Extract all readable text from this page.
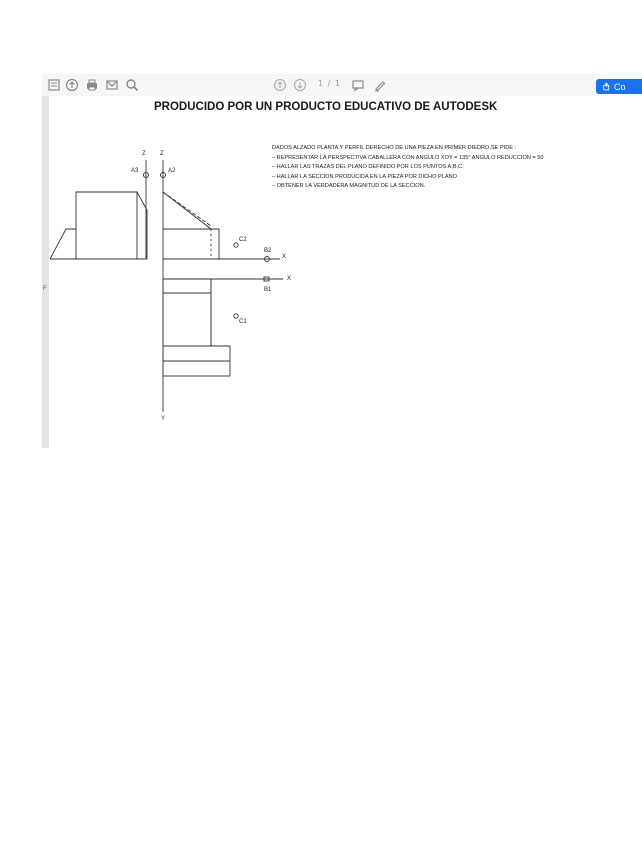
1 / 1	Co
PRODUCIDO POR UN PRODUCTO EDUCATIVO DE AUTODESK
DADOS ALZADO PLANTA Y PERFIL DERECHO DE UNA PIEZA EN PRIMER DIEDRO,SE PIDE :
– REPRESENTAR LA PERSPECTIVA CABALLERA CON ANGULO XOY = 135° ANGULO REDUCCION = 50
– HALLAR LAS TRAZAS DEL PLANO DEFINIDO POR LOS PUNTOS A,B,C.
– HALLAR LA SECCION PRODUCIDA EN LA PIEZA POR DICHO PLANO
– OBTENER LA VERDADERA MAGNITUD DE LA SECCION.
F
Z Z
A3	A2
C2
B2
X
X
B1
C1
Y
